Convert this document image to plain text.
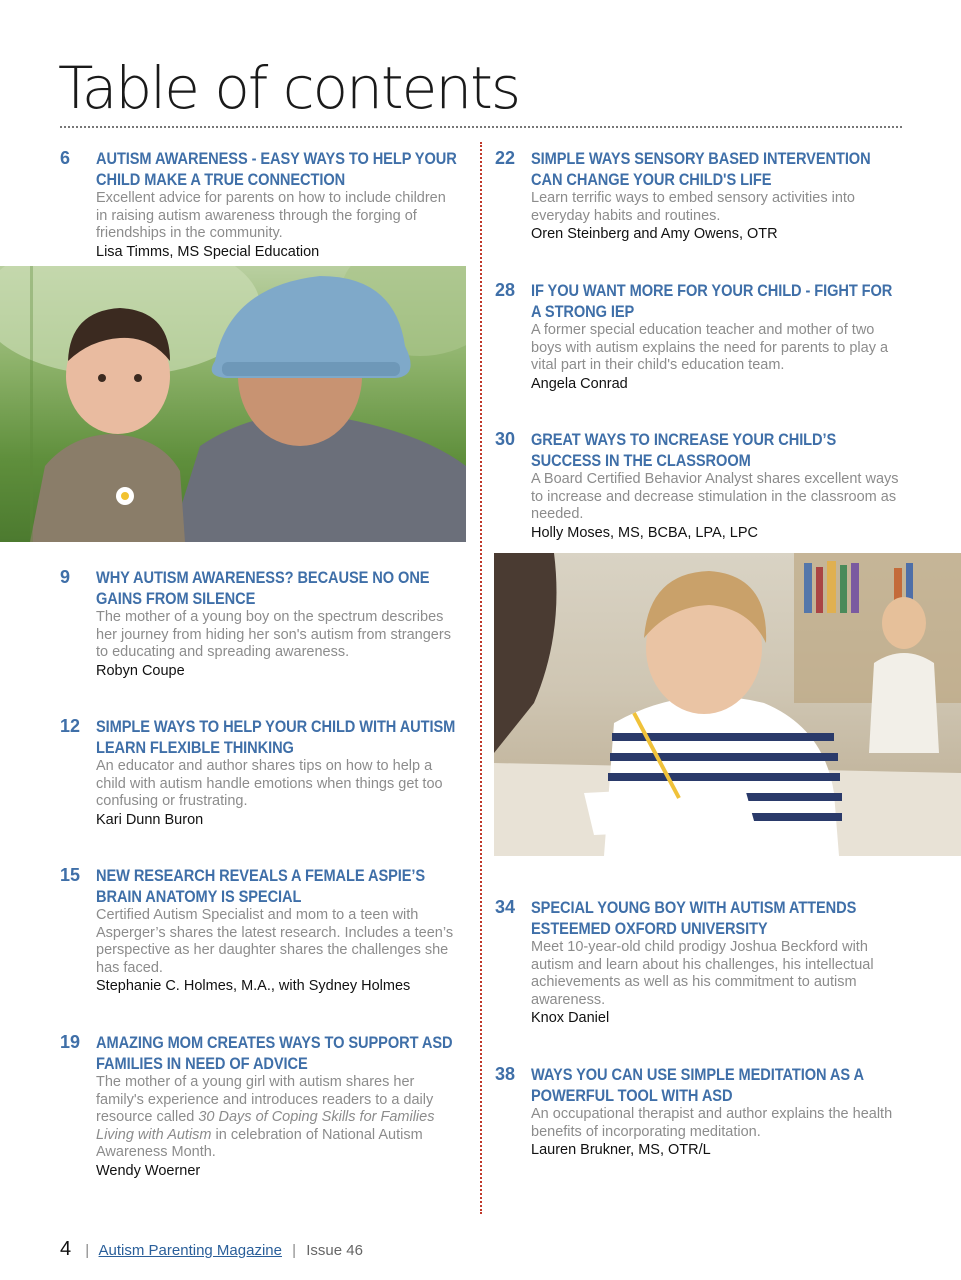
Table of contents
6 AUTISM AWARENESS - EASY WAYS TO HELP YOUR CHILD MAKE A TRUE CONNECTION

Excellent advice for parents on how to include children in raising autism awareness through the forging of friendships in the community.

Lisa Timms, MS Special Education

9 WHY AUTISM AWARENESS? BECAUSE NO ONE GAINS FROM SILENCE

The mother of a young boy on the spectrum describes her journey from hiding her son's autism from strangers to educating and spreading awareness.

Robyn Coupe

12 SIMPLE WAYS TO HELP YOUR CHILD WITH AUTISM LEARN FLEXIBLE THINKING

An educator and author shares tips on how to help a child with autism handle emotions when things get too confusing or frustrating.

Kari Dunn Buron

15 NEW RESEARCH REVEALS A FEMALE ASPIE’S BRAIN ANATOMY IS SPECIAL

Certified Autism Specialist and mom to a teen with Asperger’s shares the latest research. Includes a teen’s perspective as her daughter shares the challenges she has faced.

Stephanie C. Holmes, M.A., with Sydney Holmes

19 AMAZING MOM CREATES WAYS TO SUPPORT ASD FAMILIES IN NEED OF ADVICE

The mother of a young girl with autism shares her family's experience and introduces readers to a daily resource called 30 Days of Coping Skills for Families Living with Autism in celebration of National Autism Awareness Month.

Wendy Woerner

22 SIMPLE WAYS SENSORY BASED INTERVENTION CAN CHANGE YOUR CHILD'S LIFE

Learn terrific ways to embed sensory activities into everyday habits and routines.

Oren Steinberg and Amy Owens, OTR

28 IF YOU WANT MORE FOR YOUR CHILD - FIGHT FOR A STRONG IEP

A former special education teacher and mother of two boys with autism explains the need for parents to play a vital part in their child's education team.

Angela Conrad

30 GREAT WAYS TO INCREASE YOUR CHILD’S SUCCESS IN THE CLASSROOM

A Board Certified Behavior Analyst shares excellent ways to increase and decrease stimulation in the classroom as needed.

Holly Moses, MS, BCBA, LPA, LPC

34 SPECIAL YOUNG BOY WITH AUTISM ATTENDS ESTEEMED OXFORD UNIVERSITY

Meet 10-year-old child prodigy Joshua Beckford with autism and learn about his challenges, his intellectual achievements as well as his commitment to autism awareness.

Knox Daniel

38 WAYS YOU CAN USE SIMPLE MEDITATION AS A POWERFUL TOOL WITH ASD

An occupational therapist and author explains the health benefits of incorporating meditation.

Lauren Brukner, MS, OTR/L

4 | Autism Parenting Magazine | Issue 46
